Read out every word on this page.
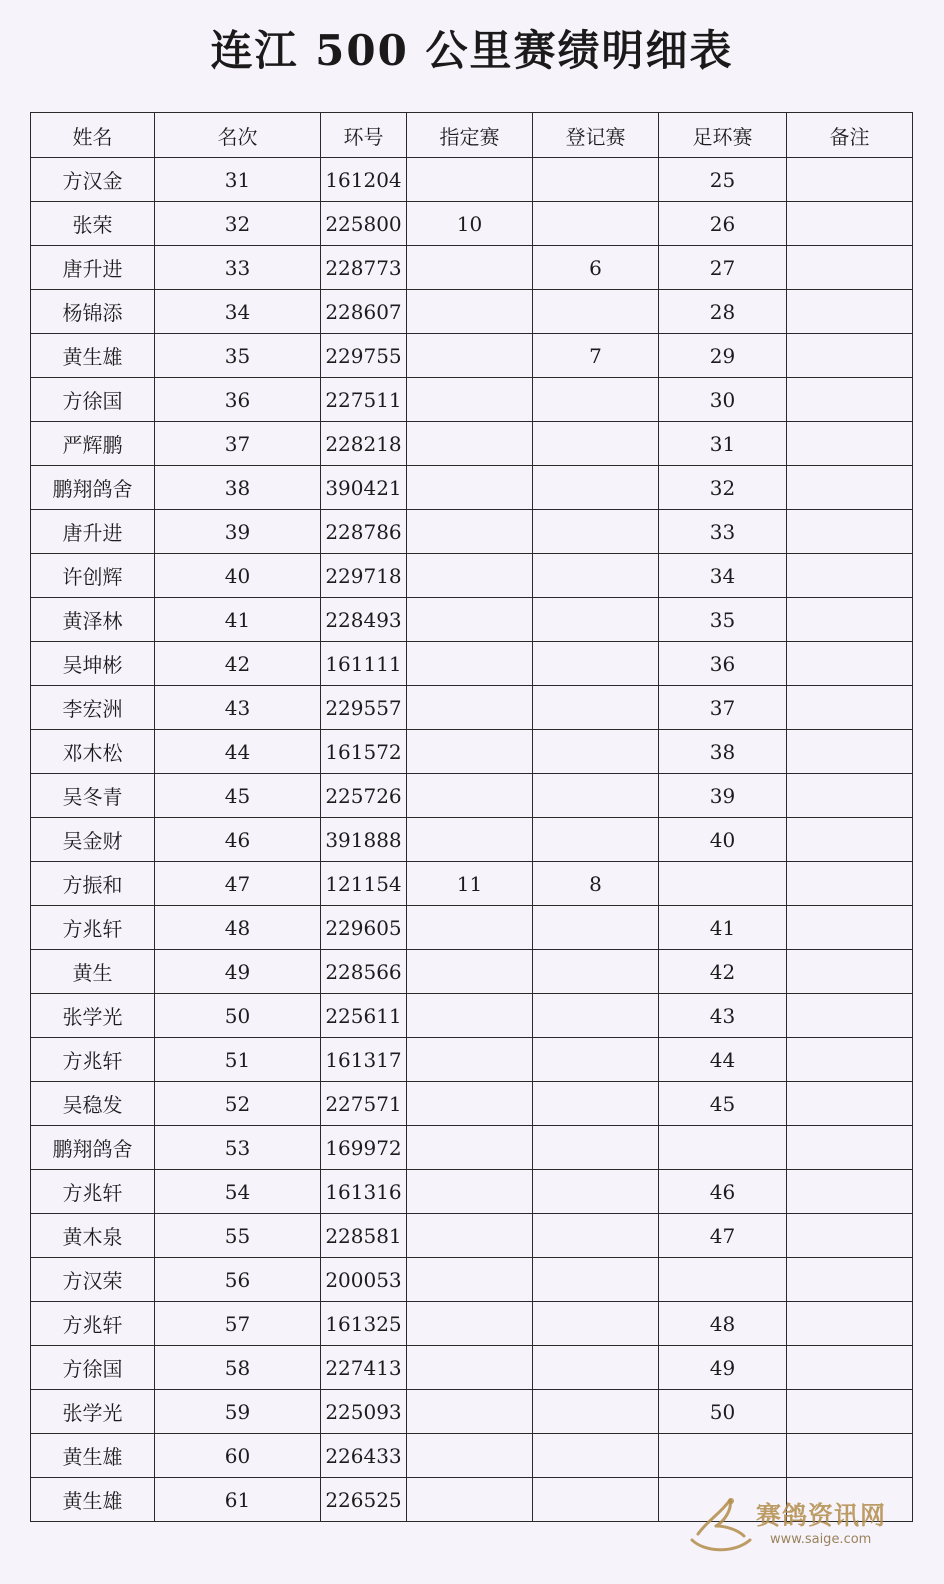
连江 500 公里赛绩明细表
姓名	名次	环号	指定赛	登记赛	足环赛	备注
方汉金	31	161204			25	
张荣	32	225800	10		26	
唐升进	33	228773		6	27	
杨锦添	34	228607			28	
黄生雄	35	229755		7	29	
方徐国	36	227511			30	
严辉鹏	37	228218			31	
鹏翔鸽舍	38	390421			32	
唐升进	39	228786			33	
许创辉	40	229718			34	
黄泽林	41	228493			35	
吴坤彬	42	161111			36	
李宏洲	43	229557			37	
邓木松	44	161572			38	
吴冬青	45	225726			39	
吴金财	46	391888			40	
方振和	47	121154	11	8		
方兆轩	48	229605			41	
黄生	49	228566			42	
张学光	50	225611			43	
方兆轩	51	161317			44	
吴稳发	52	227571			45	
鹏翔鸽舍	53	169972				
方兆轩	54	161316			46	
黄木泉	55	228581			47	
方汉荣	56	200053				
方兆轩	57	161325			48	
方徐国	58	227413			49	
张学光	59	225093			50	
黄生雄	60	226433				
黄生雄	61	226525				
赛鸽资讯网
www.saige.com
